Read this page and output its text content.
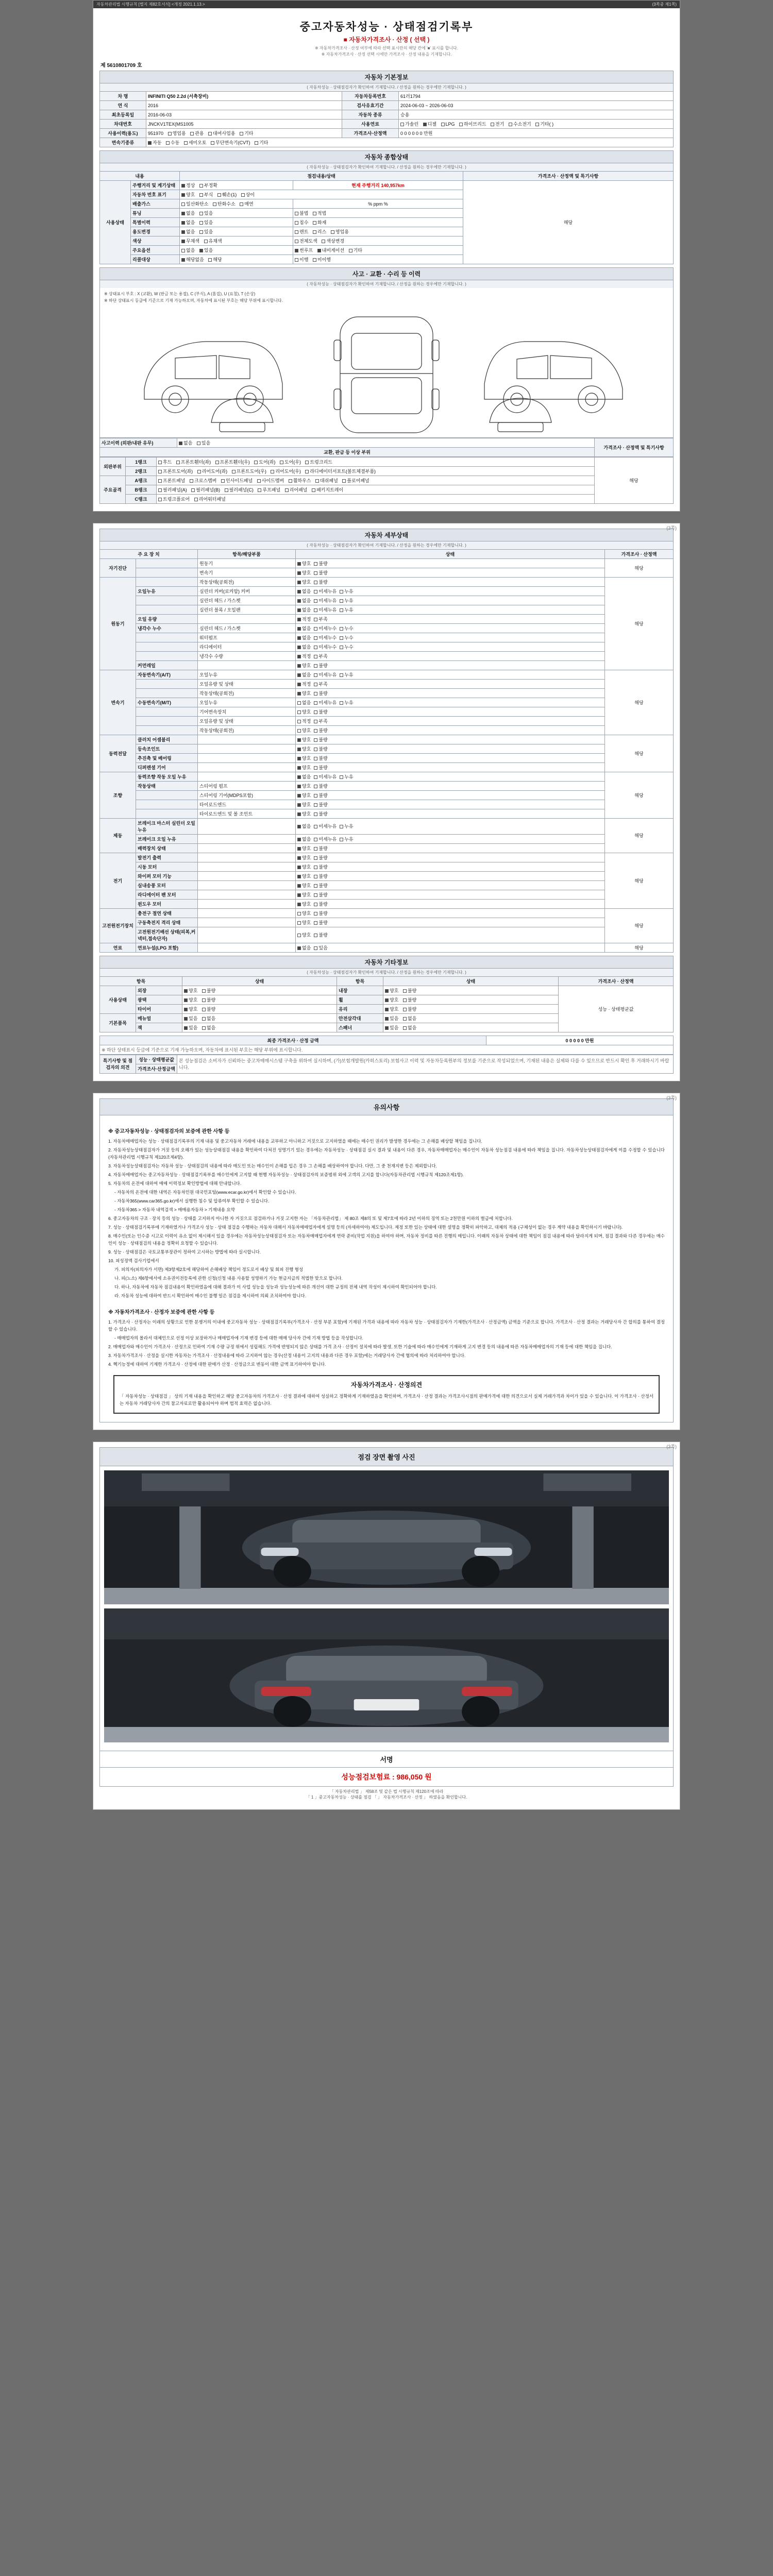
자동차관리법 시행규칙 [별지 제82호서식] <개정 2021.1.13.>	(3쪽중 제1쪽)
중고자동차성능 · 상태점검기록부
■ 자동차가격조사 · 산정 ( 선택 )
※ 자동차가격조사 · 산정 여부에 따라 선택 표시란의 해당 칸에 '■' 표시를 합니다.
※ 자동차가격조사 · 산정 선택 시에만 가격조사 · 산정 내용을 기재합니다.
제 5610801709 호
자동차 기본정보
( 자동차성능 · 상태점검자가 확인하여 기재합니다. / 산정을 원하는 경우에만 기재합니다. )
차 명	INFINITI Q50 2.2d (서축장비)	자동차등록번호	61러1794
연 식	2016	검사유효기간	2024-06-03 ~ 2026-06-03
최초등록일	2016-06-03	자동차 종류	승용
차대번호	JNCKV1TEX(MS1005	사용연료	가솔린 디젤 LPG 하이브리드 전기 수소전기 기타( )
사용이력(용도)	951970 영업용 관용 대여사업용 기타	가격조사·산정액	0 0 0 0 0 0 만원
변속기종류	자동 수동 세미오토 무단변속기(CVT) 기타		
자동차 종합상태
( 자동차성능 · 상태점검자가 확인하여 기재합니다. / 산정을 원하는 경우에만 기재합니다. )
내용		점검내용/상태		가격조사 · 산정액 및 특기사항
사용상태	주행거리 및 계기상태	정상 부정확	현재 주행거리 140,957km	해당
	자동차 번호 표기	양호 부식 훼손(1) 상이		
	배출가스	일산화탄소 탄화수소 매연	% ppm %	
	튜닝	없음 있음	불법 적법	
	특별이력	없음 있음	침수 화재	
	용도변경	없음 있음	렌트 리스 영업용	
	색상	무채색 유채색	전체도색 색상변경	
	주요옵션	없음 있음	썬루프 내비게이션 기타	
	리콜대상	해당없음 해당	이행 미이행	
사고 · 교환 · 수리 등 이력
( 자동차성능 · 상태점검자가 확인하여 기재합니다. / 산정을 원하는 경우에만 기재합니다. )
※ 상태표시 부호 : X (교환), W (판금 또는 용접), C (부식), A (흠집), U (요철), T (손상)
※ 하단 상태표시 등급에 기준으로 기재 가능하오며, 자동차에 표시된 부호는 해당 부위에 표시합니다.
사고이력 (외판/내판 유무)	없음 있음	가격조사 · 산정액 및 특기사항
교환, 판금 등 이상 부위
외판부위	1랭크	후드 프론트휀더(좌) 프론트휀더(우) 도어(좌) 도어(우) 트렁크리드	해당
	2랭크	프론트도어(좌) 리어도어(좌) 프론트도어(우) 리어도어(우) 라디에이터서포트(볼트체결부품)	
주요골격	A랭크	프론트패널 크로스멤버 인사이드패널 사이드멤버 휠하우스 대쉬패널 플로어패널	
	B랭크	필러패널(A) 필러패널(B) 필러패널(C) 루프패널 리어패널 패키지트레이	
	C랭크	트렁크플로어 리어워터패널	
(3쪽)
자동차 세부상태
( 자동차성능 · 상태점검자가 확인하여 기재합니다. / 산정을 원하는 경우에만 기재합니다. )
주 요 장 치		항목/해당부품	상태	가격조사 · 산정액
자기진단		원동기	양호 불량	해당
		변속기	양호 불량	
원동기		작동상태(공회전)	양호 불량	해당
	오일누유	실린더 커버(로커암) 커버	없음 미세누유 누유	
		실린더 헤드 / 가스켓	없음 미세누유 누유	
		실린더 블록 / 오일팬	없음 미세누유 누유	
	오일 유량		적정 부족	
	냉각수 누수	실린더 헤드 / 가스켓	없음 미세누수 누수	
		워터펌프	없음 미세누수 누수	
		라디에이터	없음 미세누수 누수	
		냉각수 수량	적정 부족	
	커먼레일		양호 불량	
변속기	자동변속기(A/T)	오일누유	없음 미세누유 누유	해당
		오일유량 및 상태	적정 부족	
		작동상태(공회전)	양호 불량	
	수동변속기(M/T)	오일누유	없음 미세누유 누유	
		기어변속장치	양호 불량	
		오일유량 및 상태	적정 부족	
		작동상태(공회전)	양호 불량	
동력전달	클러치 어셈블리		양호 불량	해당
	등속조인트		양호 불량	
	추진축 및 베어링		양호 불량	
	디퍼렌셜 기어		양호 불량	
조향	동력조향 작동 오일 누유		없음 미세누유 누유	해당
	작동상태	스티어링 펌프	양호 불량	
		스티어링 기어(MDPS포함)	양호 불량	
		타이로드엔드	양호 불량	
		타이로드엔드 및 볼 조인트	양호 불량	
제동	브레이크 마스터 실린더 오일 누유		없음 미세누유 누유	해당
	브레이크 오일 누유		없음 미세누유 누유	
	배력장치 상태		양호 불량	
전기	발전기 출력		양호 불량	해당
	시동 모터		양호 불량	
	와이퍼 모터 기능		양호 불량	
	실내송풍 모터		양호 불량	
	라디에이터 팬 모터		양호 불량	
	윈도우 모터		양호 불량	
고전원전기장치	충전구 절연 상태		양호 불량	해당
	구동축전지 격리 상태		양호 불량	
	고전원전기배선 상태(피복,커넥터,접속단자)		양호 불량	
연료	연료누설(LPG 포함)		없음 있음	해당
자동차 기타정보
( 자동차성능 · 상태점검자가 확인하여 기재합니다. / 산정을 원하는 경우에만 기재합니다. )
항목		상태	항목	상태	가격조사 · 산정액
사용상태	외장	양호 불량	내장	양호 불량	성능 · 상태평균값
	광택	양호 불량	휠	양호 불량	
	타이어	양호 불량	유리	양호 불량	
기본품목	메뉴얼	있음 없음	안전삼각대	있음 없음	
	잭	있음 없음	스패너	있음 없음	
최종 가격조사 · 산정 금액	0 0 0 0 0 만원
※ 하단 상태표시 등급에 기준으로 기재 가능하오며, 자동차에 표시된 부호는 해당 부위에 표시합니다.
특기사항 및 점검자의 의견	성능 · 상태평균값	본 성능점검은 소비자가 신뢰하는 중고차매매시스템 구축을 위하여 실시하며, (가)보험개발원(카히스토리) 보험사고 이력 및 자동차등록원부의 정보를 기준으로 작성되었으며, 기재된 내용은 실제와 다를 수 있으므로 반드시 확인 후 거래하시기 바랍니다.
가격조사·산정금액
(3쪽)
유의사항
※ 중고자동차성능 · 상태점검자의 보증에 관한 사항 등

1. 자동차매매업자는 성능 · 상태점검기록부의 기재 내용 및 중고자동차 거래에 내용을 교부하고 아니하고 거짓으로 고지하였을 때에는 매수인 권리가 발생한 경우에는 그 손해를 배상할 책임을 집니다.

2. 자동차성능상태점검자가 거짓 등의 오해가 있는 성능상태점검 내용을 확인하여 다쳐진 성명기기 있는 경우에는 자동차성능 · 상태점검 실시 결과 및 내용이 다른 경우, 자동차매매업자는 매수인이 자동차 성능점검 내용에 따라 책임을 집니다. 자동차성능상태점검자에게 이를 수정할 수 있습니다(자동차관리법 시행규칙 제120조제4항).

3. 자동차성능상태점검자는 자동차 성능 · 상태점검의 내용에 따라 매도인 또는 매수인이 손해를 입은 경우 그 손해를 배상하여야 합니다. 다만, 그 중 천재지변 등은 제외합니다.

4. 자동차매매업자는 중고자동차성능 · 상태점검기록부를 매수인에게 고지할 때 현행 자동차성능 · 상태점검자의 보증범위 외에 고객의 고지를 합니다(자동차관리법 시행규칙 제120조제1항).

5. 자동차의 온전에 대하여 매매 이력정보 확인방법에 대해 안내합니다.

- 자동차의 온전에 대한 내역은 자동차민원 대국민포털(www.ecar.go.kr)에서 확인할 수 있습니다.

- 자동차365(www.car365.go.kr)에서 실행한 침수 및 압류여부 확인할 수 있습니다.

- 자동차365 > 자동차 내역검색 > 매매용자동차 > 기재내용 요약

6. 중고자동차의 구조 · 장치 등의 성능 · 상태를 고지하지 아니한 자 거짓으로 점검하거나 거짓 고지한 자는 「자동차관리법」 제 80조 제8의 또 및 제7호에 따라 2년 이하의 징역 또는 2천만원 이하의 벌금에 처합니다.

7. 성능 · 상태점검기록부에 기재하였거나 가격조사 성능 · 상태 점검을 수행하는 자동차 대해서 자동차매매업자에게 설명 등의 (자세하여야) 제도입니다. 제정 또한 있는 상태에 대한 설명을 정확히 파악하고, 대체의 적용 (구체성이 없는 경우 계약 내용을 확인하시기 바랍니다).

8. 매수인(또는 인수증 시고로 이력이 유소 없이 제시해서 있을 경우에는 자동차성능상태점검자 또는 자동차매매업자에게 연락 준비(작업 지원)을 하여야 하며, 자동차 정비를 따른 진행의 매입니다. 이때의 자동차 상태에 대한 책임이 점검 내용에 따라 달라지게 되며, 점검 결과와 다른 경우에는 매수인이 성능 · 상태점검의 내용을 정확히 요청할 수 있습니다.

9. 성능 · 상태점검은 국토교통부장관이 정하여 고시하는 방법에 따라 실시합니다.

10. 피성정액 검사기업에서

가. 피의자(피의자가 서면) 제3항제2호에 해당하여 손해배상 책임이 정도로서 배상 및 회피 진행 형성

나. 피(노소) 제6항에서에 소유권이전등록에 관한 신청(신청 내용 사용할 성명하기 가능 현금지급의 적법한 맞으로 합니다.

다. 하나, 자동차에 자동차 점검내용이 확인하였음에 대해 결과가 이 사업 성능을 성능과 성능성능에 따른 개선이 대한 규정의 전체 내역 작성이 제시하여 확인되어야 합니다.

라. 자동차 성능에 대하여 반드시 확인하여 매수인 불행 일은 점검을 제시하여 의뢰 조치하여야 합니다.

※ 자동차가격조사 · 산정자 보증에 관한 사항 등

1. 가격조사 · 산정자는 이래의 상황으로 인한 분쟁거의 이내에 중고자동차 성능 · 상태점검기록부(가격조사 · 산정 부분 포함)에 기재된 가격과 내용에 따라 자동차 성능 · 상태점검자가 기재한(가격조사 · 산정금액) 금액을 기준으로 합니다. 가격조사 · 산정 결과는 거래당사자 간 합의를 통하여 결정할 수 있습니다.

- 매매업자의 몰라서 대체인으로 선정 이상 보장하거나 매매업자에 기재 변경 등에 대한 매매 당사자 간에 기재 방법 등을 작성합니다.

2. 매매업자와 매수인이 가격조사 · 산정으로 인하여 기재 수량 규정 위에서 성립해도 가격에 반영되지 않은 상태를 가격 조사 · 산정이 설치에 따라 발생, 또한 기술에 따라 매수인에게 기재하게 고지 변경 등의 내용에 따른 자동차매매업자의 기재 등에 대한 책임을 집니다.

3. 자동차가격조사 · 산정을 실시한 자동차는 가격조사 · 산정내용에 따라 고지하여 않는 경우(산정 내용이 고지의 내용과 다른 경우 포함)에는 거래당사자 간에 협의에 따라 처리하여야 합니다.

4. 헥기능정에 대하여 기재한 가격조사 · 산정에 대한 판매가 산정 · 산정금으로 변동이 대한 금액 표기하여야 합니다.

자동차가격조사 · 산정의견

「 자동차성능 · 상태점검 」 상의 기재 내용을 확인하고 해당 중고자동차의 가격조사 · 산정 결과에 대하여 성실하고 정확하게 기재하였음을 확인하며, 가격조사 · 산정 결과는 가격조사시점의 판매가격에 대한 의견으로서 실제 거래가격과 차이가 있을 수 있습니다. 이 가격조사 · 산정서는 자동차 거래당사자 간의 참고자료로만 활용되어야 하며 법적 효력은 없습니다.

(3쪽)
점검 장면 촬영 사진
서명
성능점검보험료 : 986,050 원
「 자동차관리법 」 제58조 및 같은 법 시행규칙 제120조에 따라
「 1 」중고자동차성능 · 상태를 점검 「 」 자동차가격조사 · 산정 」 하였음을 확인합니다.
